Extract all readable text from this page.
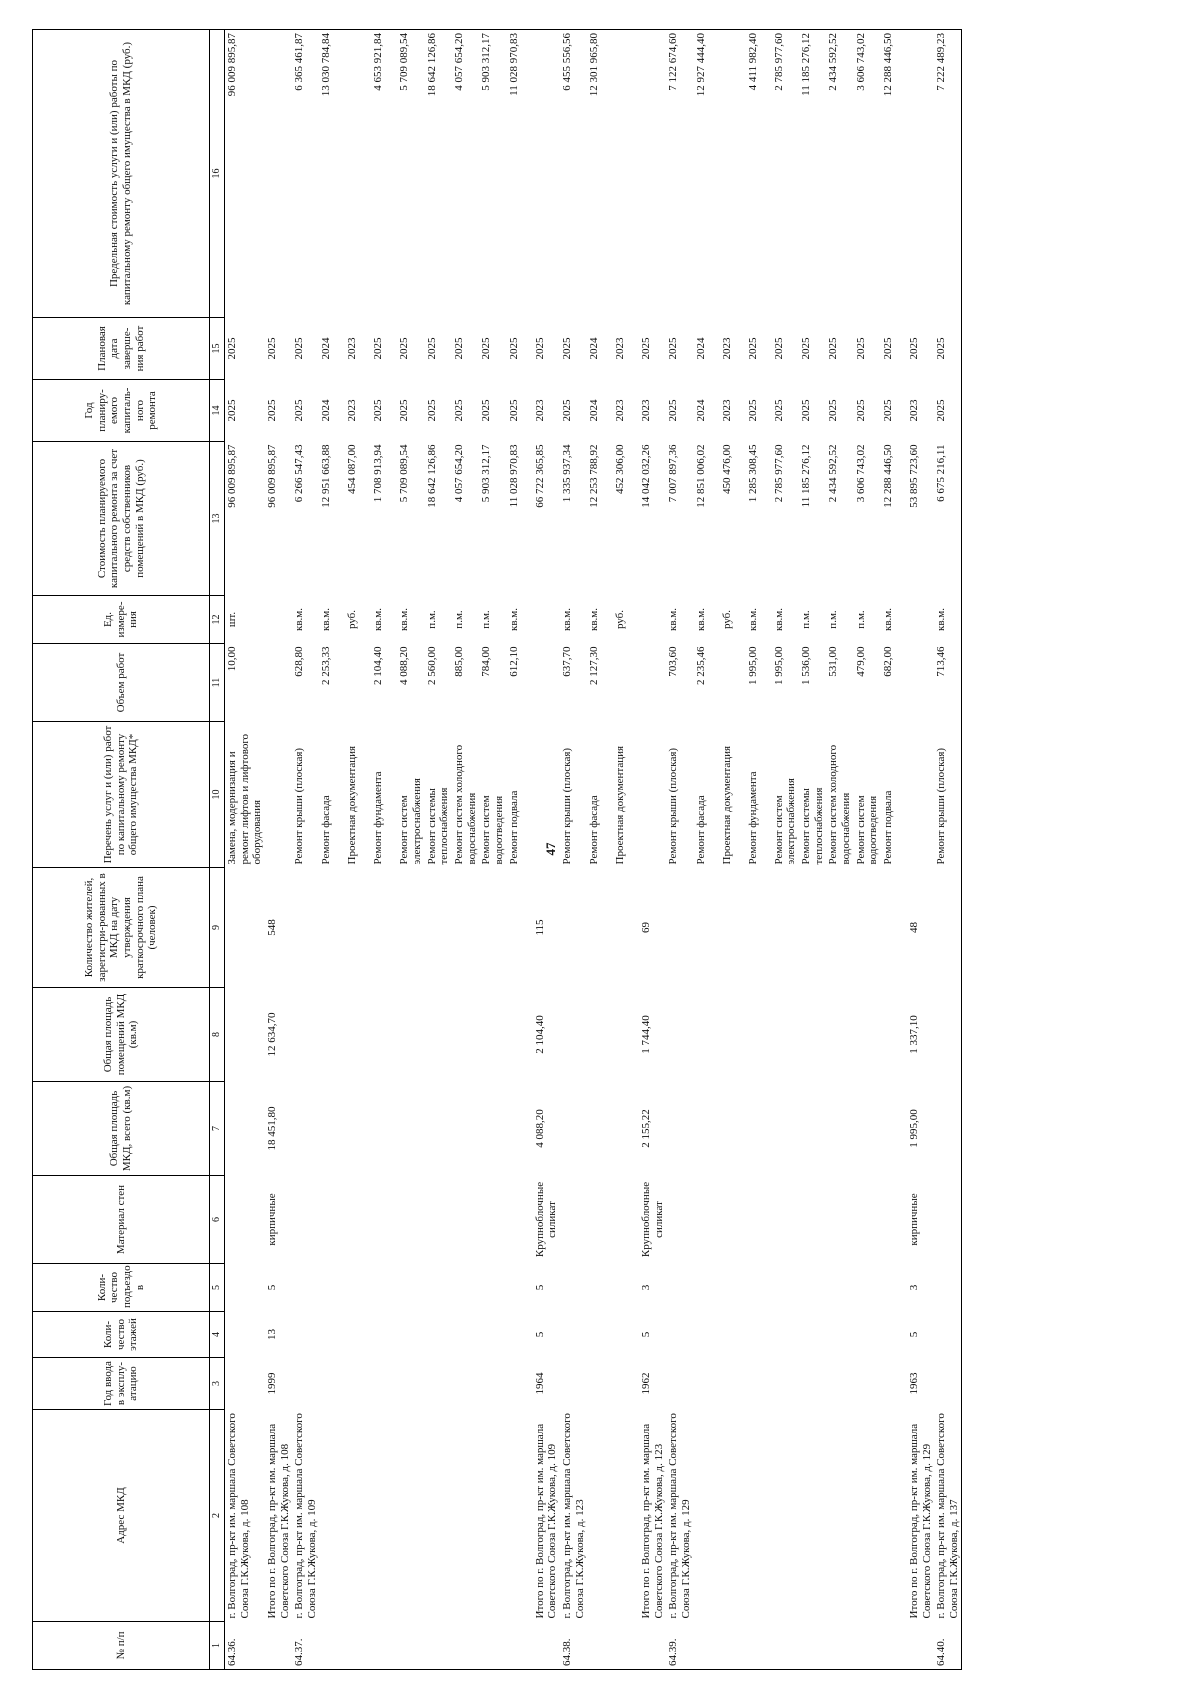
47
№ п/п	Адрес МКД	Год ввода в эксплу-атацию	Коли-чество этажей	Коли-чество подъездо в	Материал стен	Общая площадь МКД, всего (кв.м)	Общая площадь помещений МКД (кв.м)	Количество жителей, зарегистри-рованных в МКД на дату утверждения краткосрочного плана (человек)	Перечень услуг и (или) работ по капитальному ремонту общего имущества МКД*	Объем работ	Ед. измере-ния	Стоимость планируемого капитального ремонта за счет средств собственников помещений в МКД (руб.)	Год планиру-емого капиталь-ного ремонта	Плановая дата заверше-ния работ	Предельная стоимость услуги и (или) работы по капитальному ремонту общего имущества в МКД (руб.)
1	2	3	4	5	6	7	8	9	10	11	12	13	14	15	16
64.36.	г. Волгоград, пр-кт им. маршала Советского Союза Г.К.Жукова, д. 108								Замена, модернизация и ремонт лифтов и лифтового оборудования	10,00	шт.	96 009 895,87	2025	2025	96 009 895,87
	Итого по г. Волгоград, пр-кт им. маршала Советского Союза Г.К.Жукова, д. 108	1999	13	5	кирпичные	18 451,80	12 634,70	548				96 009 895,87	2025	2025	
64.37.	г. Волгоград, пр-кт им. маршала Советского Союза Г.К.Жукова, д. 109								Ремонт крыши (плоская)	628,80	кв.м.	6 266 547,43	2025	2025	6 365 461,87
									Ремонт фасада	2 253,33	кв.м.	12 951 663,88	2024	2024	13 030 784,84
									Проектная документация		руб.	454 087,00	2023	2023	
									Ремонт фундамента	2 104,40	кв.м.	1 708 913,94	2025	2025	4 653 921,84
									Ремонт систем электроснабжения	4 088,20	кв.м.	5 709 089,54	2025	2025	5 709 089,54
									Ремонт системы теплоснабжения	2 560,00	п.м.	18 642 126,86	2025	2025	18 642 126,86
									Ремонт систем холодного водоснабжения	885,00	п.м.	4 057 654,20	2025	2025	4 057 654,20
									Ремонт систем водоотведения	784,00	п.м.	5 903 312,17	2025	2025	5 903 312,17
									Ремонт подвала	612,10	кв.м.	11 028 970,83	2025	2025	11 028 970,83
	Итого по г. Волгоград, пр-кт им. маршала Советского Союза Г.К.Жукова, д. 109	1964	5	5	Крупноблочные силикат	4 088,20	2 104,40	115				66 722 365,85	2023	2025	
64.38.	г. Волгоград, пр-кт им. маршала Советского Союза Г.К.Жукова, д. 123								Ремонт крыши (плоская)	637,70	кв.м.	1 335 937,34	2025	2025	6 455 556,56
									Ремонт фасада	2 127,30	кв.м.	12 253 788,92	2024	2024	12 301 965,80
									Проектная документация		руб.	452 306,00	2023	2023	
	Итого по г. Волгоград, пр-кт им. маршала Советского Союза Г.К.Жукова, д. 123	1962	5	3	Крупноблочные силикат	2 155,22	1 744,40	69				14 042 032,26	2023	2025	
64.39.	г. Волгоград, пр-кт им. маршала Советского Союза Г.К.Жукова, д. 129								Ремонт крыши (плоская)	703,60	кв.м.	7 007 897,36	2025	2025	7 122 674,60
									Ремонт фасада	2 235,46	кв.м.	12 851 006,02	2024	2024	12 927 444,40
									Проектная документация		руб.	450 476,00	2023	2023	
									Ремонт фундамента	1 995,00	кв.м.	1 285 308,45	2025	2025	4 411 982,40
									Ремонт систем электроснабжения	1 995,00	кв.м.	2 785 977,60	2025	2025	2 785 977,60
									Ремонт системы теплоснабжения	1 536,00	п.м.	11 185 276,12	2025	2025	11 185 276,12
									Ремонт систем холодного водоснабжения	531,00	п.м.	2 434 592,52	2025	2025	2 434 592,52
									Ремонт систем водоотведения	479,00	п.м.	3 606 743,02	2025	2025	3 606 743,02
									Ремонт подвала	682,00	кв.м.	12 288 446,50	2025	2025	12 288 446,50
	Итого по г. Волгоград, пр-кт им. маршала Советского Союза Г.К.Жукова, д. 129	1963	5	3	кирпичные	1 995,00	1 337,10	48				53 895 723,60	2023	2025	
64.40.	г. Волгоград, пр-кт им. маршала Советского Союза Г.К.Жукова, д. 137								Ремонт крыши (плоская)	713,46	кв.м.	6 675 216,11	2025	2025	7 222 489,23
